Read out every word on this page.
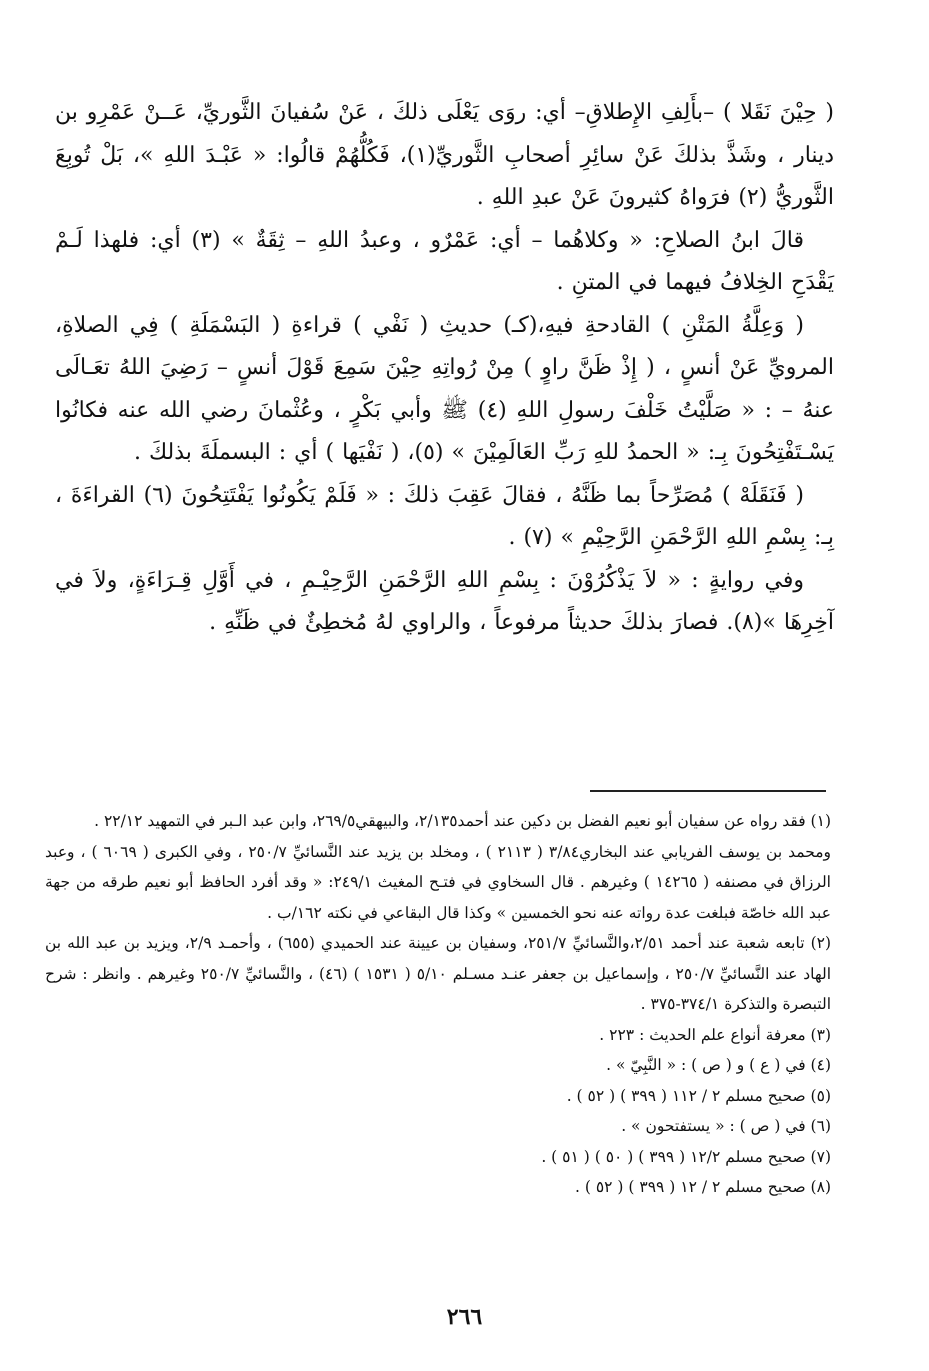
( حِيْنَ نَقَلا ) –بأَلِفِ الإِطلاقِ– أي: روَى يَعْلَى ذلكَ ، عَنْ سُفيانَ الثَّوريِّ، عَــنْ عَمْرِو بن دينار ، وشَذَّ بذلكَ عَنْ سائِرِ أصحابِ الثَّوريِّ(١)، فَكُلُّهُمْ قالُوا: « عَبْـدَ اللهِ »، بَلْ تُوبِعَ الثَّوريُّ (٢) فرَواهُ كثيرونَ عَنْ عبدِ اللهِ .

قالَ ابنُ الصلاحِ: « وكلاهُما – أي: عَمْرٌو ، وعبدُ اللهِ – ثِقَةٌ » (٣) أي: فلهذا لَـمْ يَقْدَحِ الخِلافُ فيهما في المتنِ .

( وَعِلَّةُ المَتْنِ ) القادحةِ فيهِ،(كـ) حديثِ ( نَفْي ) قراءةِ ( البَسْمَلَةِ ) فِي الصلاةِ، المرويِّ عَنْ أنسٍ ، ( إِذْ ظَنَّ راوٍ ) مِنْ رُواتِهِ حِيْنَ سَمِعَ قَوْلَ أنسٍ – رَضِيَ اللهُ تعَـالَى عنهُ – : « صَلَّيْتُ خَلْفَ رسولِ اللهِ (٤) ﷺ وأبي بَكْرٍ ، وعُثْمانَ رضي الله عنه فكانُوا يَسْـتَفْتِحُونَ بِـ: « الحمدُ للهِ رَبِّ العَالَمِيْنَ » (٥)، ( نَفْيَها ) أي : البسملَةَ بذلكَ .

( فَنَقَلَهْ ) مُصَرِّحاً بما ظَنَّهُ ، فقالَ عَقِبَ ذلكَ : « فَلَمْ يَكُونُوا يَفْتَتِحُونَ (٦) القراءَةَ ، بِـ: بِسْمِ اللهِ الرَّحْمَنِ الرَّحِيْمِ » (٧) .

وفي روايةٍ : « لاَ يَذْكُرُوْنَ : بِسْمِ اللهِ الرَّحْمَنِ الرَّحِيْـمِ ، في أَوَّلِ قِـرَاءَةٍ، ولاَ في آخِرِهَا »(٨). فصارَ بذلكَ حديثاً مرفوعاً ، والراوي لهُ مُخطِئٌ في ظَنِّهِ .

(١) فقد رواه عن سفيان أبو نعيم الفضل بن دكين عند أحمد٢/١٣٥، والبيهقي٢٦٩/٥، وابن عبد الـبر في التمهيد ٢٢/١٢ .

ومحمد بن يوسف الفريابي عند البخاري٣/٨٤ ( ٢١١٣ ) ، ومخلد بن يزيد عند النَّسائيِّ ٢٥٠/٧ ، وفي الكبرى ( ٦٠٦٩ ) ، وعبد الرزاق في مصنفه ( ١٤٢٦٥ ) وغيرهم . قال السخاوي في فتـح المغيث ٢٤٩/١: « وقد أفرد الحافظ أبو نعيم طرقه من جهة عبد الله خاصّة فبلغت عدة رواته عنه نحو الخمسين » وكذا قال البقاعي في نكته ١٦٢/ب .

(٢) تابعه شعبة عند أحمد ٢/٥١،والنَّسائيِّ ٢٥١/٧، وسفيان بن عيينة عند الحميدي (٦٥٥) ، وأحمـد ٢/٩، ويزيد بن عبد الله بن الهاد عند النَّسائيِّ ٢٥٠/٧ ، وإسماعيل بن جعفر عنـد مسـلم ٥/١٠ ( ١٥٣١ ) (٤٦) ، والنَّسائيِّ ٢٥٠/٧ وغيرهم . وانظر : شرح التبصرة والتذكرة ٣٧٤/١-٣٧٥ .

(٣) معرفة أنواع علم الحديث : ٢٢٣ .

(٤) في ( ع ) و ( ص ) : « النَّبِيّ » .

(٥) صحيح مسلم ٢ / ١١٢ ( ٣٩٩ ) ( ٥٢ ) .

(٦) في ( ص ) : « يستفتحون » .

(٧) صحيح مسلم ١٢/٢ ( ٣٩٩ ) ( ٥٠ ) ( ٥١ ) .

(٨) صحيح مسلم ٢ / ١٢ ( ٣٩٩ ) ( ٥٢ ) .

٢٦٦
